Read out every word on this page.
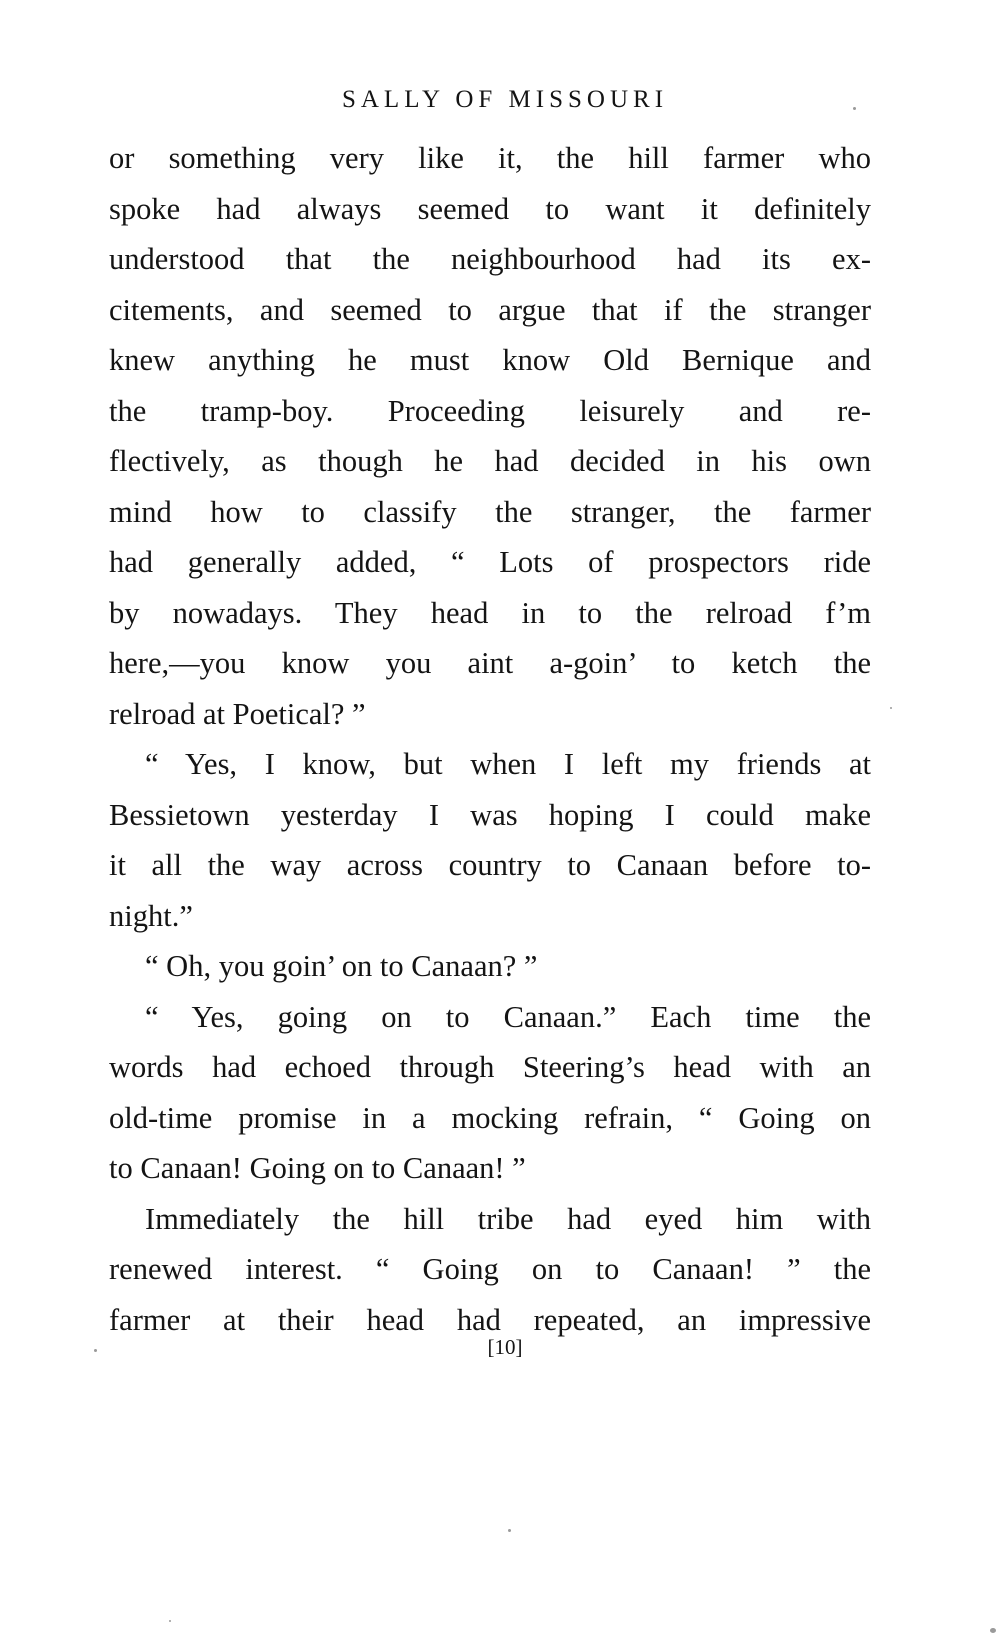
SALLY OF MISSOURI
or something very like it, the hill farmer who
spoke had always seemed to want it definitely
understood that the neighbourhood had its ex-
citements, and seemed to argue that if the stranger
knew anything he must know Old Bernique and
the tramp-boy. Proceeding leisurely and re-
flectively, as though he had decided in his own
mind how to classify the stranger, the farmer
had generally added, “ Lots of prospectors ride
by nowadays. They head in to the relroad f’m
here,—you know you aint a-goin’ to ketch the
relroad at Poetical? ”
“ Yes, I know, but when I left my friends at
Bessietown yesterday I was hoping I could make
it all the way across country to Canaan before to-
night.”
“ Oh, you goin’ on to Canaan? ”
“ Yes, going on to Canaan.” Each time the
words had echoed through Steering’s head with an
old-time promise in a mocking refrain, “ Going on
to Canaan! Going on to Canaan! ”
Immediately the hill tribe had eyed him with
renewed interest. “ Going on to Canaan! ” the
farmer at their head had repeated, an impressive
[10]
